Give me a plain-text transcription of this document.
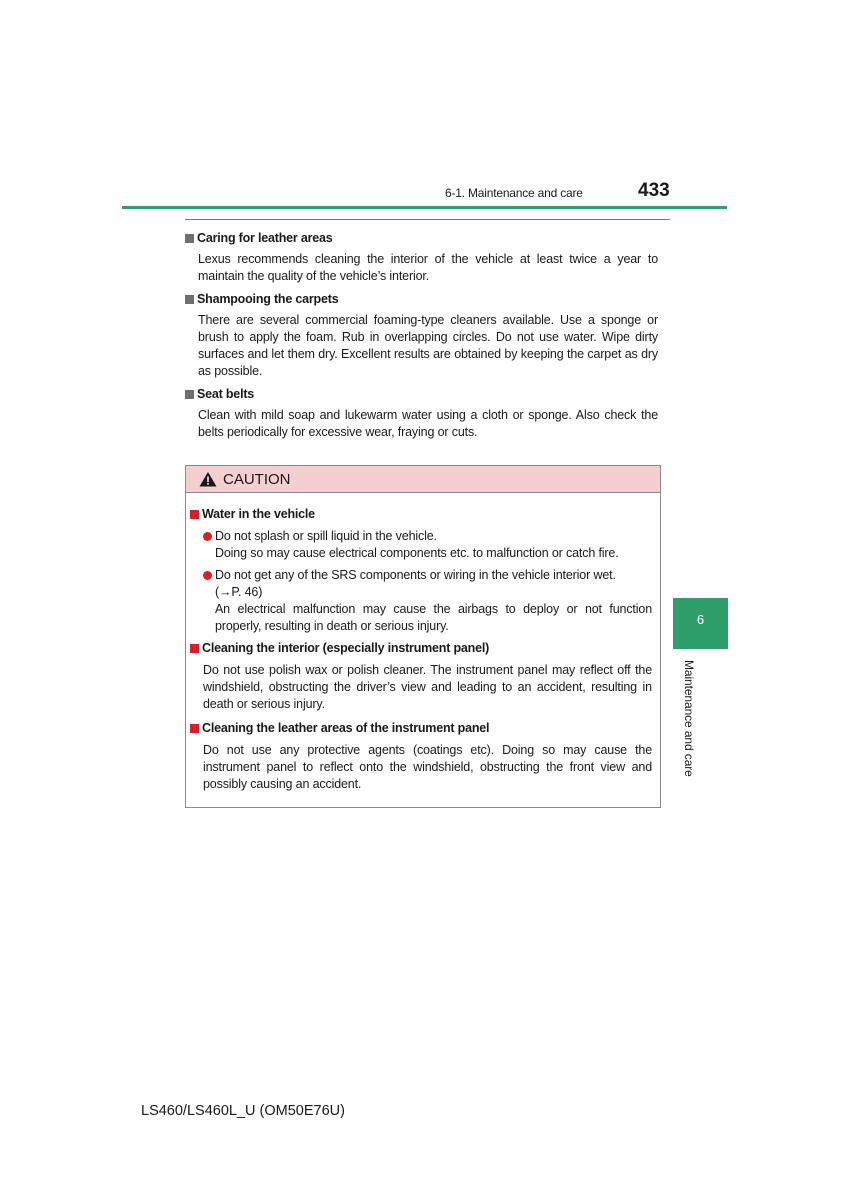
6-1. Maintenance and care	433
Caring for leather areas
Lexus recommends cleaning the interior of the vehicle at least twice a year to maintain the quality of the vehicle’s interior.
Shampooing the carpets
There are several commercial foaming-type cleaners available. Use a sponge or brush to apply the foam. Rub in overlapping circles. Do not use water. Wipe dirty surfaces and let them dry. Excellent results are obtained by keeping the carpet as dry as possible.
Seat belts
Clean with mild soap and lukewarm water using a cloth or sponge. Also check the belts periodically for excessive wear, fraying or cuts.
CAUTION
Water in the vehicle
Do not splash or spill liquid in the vehicle.
Doing so may cause electrical components etc. to malfunction or catch fire.
Do not get any of the SRS components or wiring in the vehicle interior wet.
(→P. 46)
An electrical malfunction may cause the airbags to deploy or not function properly, resulting in death or serious injury.
Cleaning the interior (especially instrument panel)
Do not use polish wax or polish cleaner. The instrument panel may reflect off the windshield, obstructing the driver’s view and leading to an accident, resulting in death or serious injury.
Cleaning the leather areas of the instrument panel
Do not use any protective agents (coatings etc). Doing so may cause the instrument panel to reflect onto the windshield, obstructing the front view and possibly causing an accident.
6
Maintenance and care
LS460/LS460L_U (OM50E76U)
